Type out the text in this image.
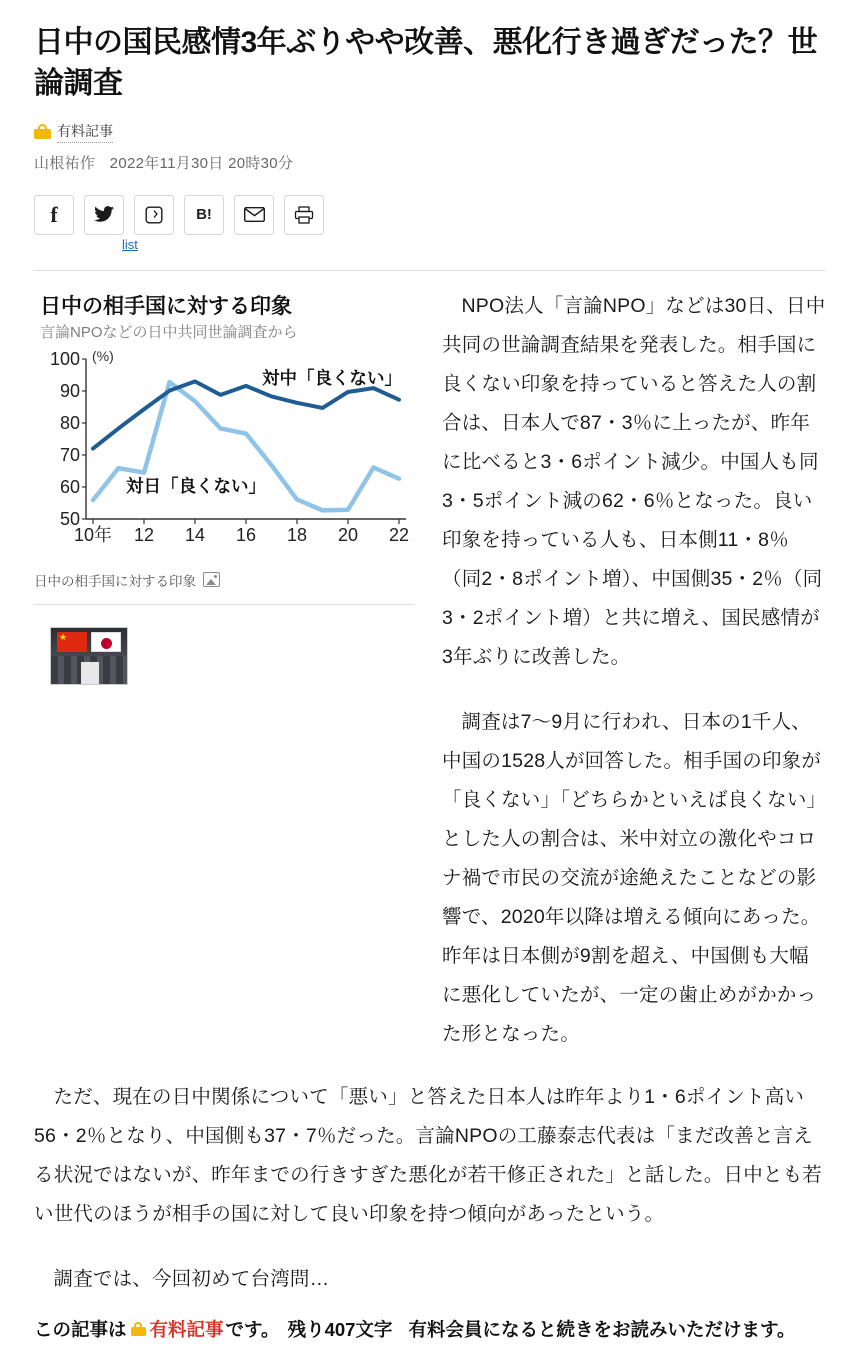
日中の国民感情3年ぶりやや改善、悪化行き過ぎだった？世論調査
有料記事
山根祐作 2022年11月30日 20時30分
f	B!
list
日中の相手国に対する印象
言論NPOなどの日中共同世論調査から
(%)
50
60
70
80
90
100
10年 12 14 16 18 20 22
対中「良くない」
対日「良くない」
日中の相手国に対する印象
★

NPO法人「言論NPO」などは30日、日中共同の世論調査結果を発表した。相手国に良くない印象を持っていると答えた人の割合は、日本人で87・3％に上ったが、昨年に比べると3・6ポイント減少。中国人も同3・5ポイント減の62・6％となった。良い印象を持っている人も、日本側11・8％（同2・8ポイント増）、中国側35・2％（同3・2ポイント増）と共に増え、国民感情が3年ぶりに改善した。

調査は7〜9月に行われ、日本の1千人、中国の1528人が回答した。相手国の印象が「良くない」「どちらかといえば良くない」とした人の割合は、米中対立の激化やコロナ禍で市民の交流が途絶えたことなどの影響で、2020年以降は増える傾向にあった。昨年は日本側が9割を超え、中国側も大幅に悪化していたが、一定の歯止めがかかった形となった。

ただ、現在の日中関係について「悪い」と答えた日本人は昨年より1・6ポイント高い56・2％となり、中国側も37・7％だった。言論NPOの工藤泰志代表は「まだ改善と言える状況ではないが、昨年までの行きすぎた悪化が若干修正された」と話した。日中とも若い世代のほうが相手の国に対して良い印象を持つ傾向があったという。

調査では、今回初めて台湾問…

この記事は 有料記事 です。 残り407文字 有料会員になると続きをお読みいただけます。
